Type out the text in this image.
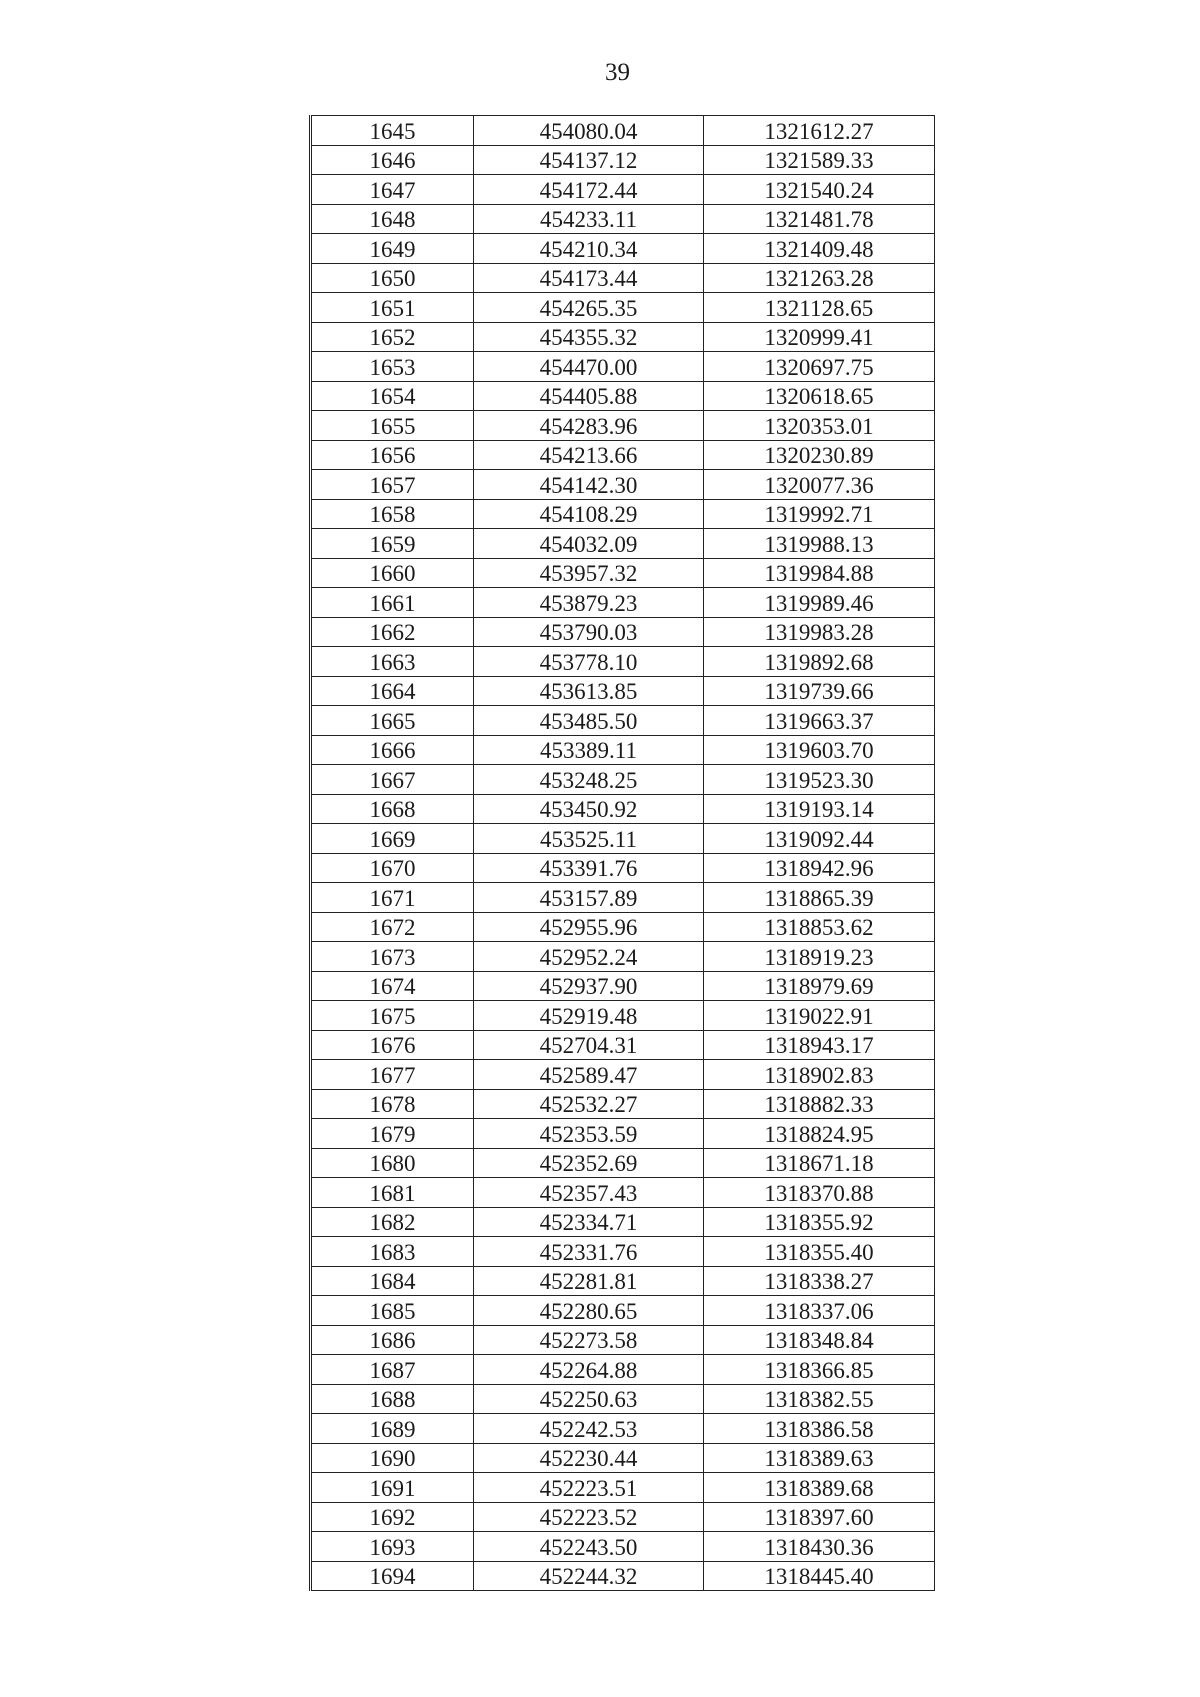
39
1645	454080.04	1321612.27
1646	454137.12	1321589.33
1647	454172.44	1321540.24
1648	454233.11	1321481.78
1649	454210.34	1321409.48
1650	454173.44	1321263.28
1651	454265.35	1321128.65
1652	454355.32	1320999.41
1653	454470.00	1320697.75
1654	454405.88	1320618.65
1655	454283.96	1320353.01
1656	454213.66	1320230.89
1657	454142.30	1320077.36
1658	454108.29	1319992.71
1659	454032.09	1319988.13
1660	453957.32	1319984.88
1661	453879.23	1319989.46
1662	453790.03	1319983.28
1663	453778.10	1319892.68
1664	453613.85	1319739.66
1665	453485.50	1319663.37
1666	453389.11	1319603.70
1667	453248.25	1319523.30
1668	453450.92	1319193.14
1669	453525.11	1319092.44
1670	453391.76	1318942.96
1671	453157.89	1318865.39
1672	452955.96	1318853.62
1673	452952.24	1318919.23
1674	452937.90	1318979.69
1675	452919.48	1319022.91
1676	452704.31	1318943.17
1677	452589.47	1318902.83
1678	452532.27	1318882.33
1679	452353.59	1318824.95
1680	452352.69	1318671.18
1681	452357.43	1318370.88
1682	452334.71	1318355.92
1683	452331.76	1318355.40
1684	452281.81	1318338.27
1685	452280.65	1318337.06
1686	452273.58	1318348.84
1687	452264.88	1318366.85
1688	452250.63	1318382.55
1689	452242.53	1318386.58
1690	452230.44	1318389.63
1691	452223.51	1318389.68
1692	452223.52	1318397.60
1693	452243.50	1318430.36
1694	452244.32	1318445.40
